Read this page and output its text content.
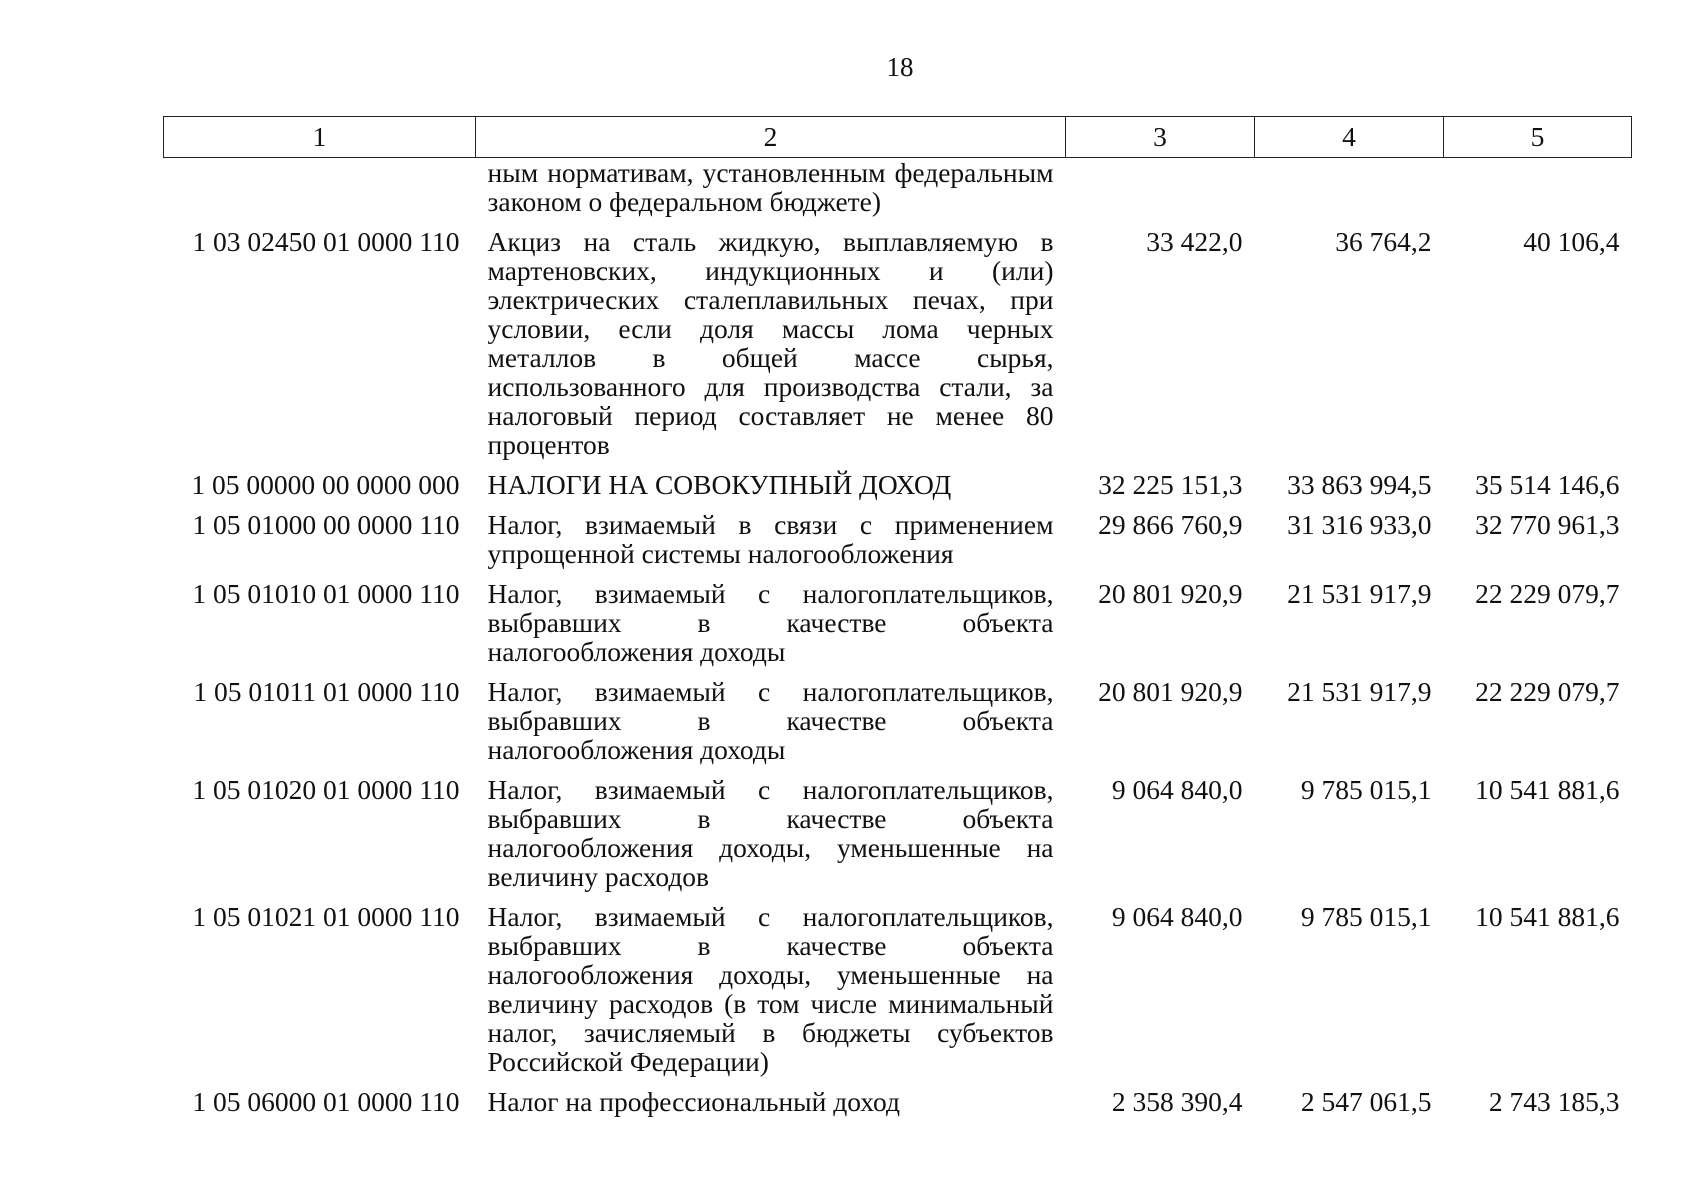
18
1	2	3	4	5
	ным нормативам, установленным федеральным законом о федеральном бюджете)			
1 03 02450 01 0000 110	Акциз на сталь жидкую, выплавляемую в мартеновских, индукционных и (или) электрических сталеплавильных печах, при условии, если доля массы лома черных металлов в общей массе сырья, использованного для производства стали, за налоговый период составляет не менее 80 процентов	33 422,0	36 764,2	40 106,4
1 05 00000 00 0000 000	НАЛОГИ НА СОВОКУПНЫЙ ДОХОД	32 225 151,3	33 863 994,5	35 514 146,6
1 05 01000 00 0000 110	Налог, взимаемый в связи с применением упрощенной системы налогообложения	29 866 760,9	31 316 933,0	32 770 961,3
1 05 01010 01 0000 110	Налог, взимаемый с налогоплательщиков, выбравших в качестве объекта налогообложения доходы	20 801 920,9	21 531 917,9	22 229 079,7
1 05 01011 01 0000 110	Налог, взимаемый с налогоплательщиков, выбравших в качестве объекта налогообложения доходы	20 801 920,9	21 531 917,9	22 229 079,7
1 05 01020 01 0000 110	Налог, взимаемый с налогоплательщиков, выбравших в качестве объекта налогообложения доходы, уменьшенные на величину расходов	9 064 840,0	9 785 015,1	10 541 881,6
1 05 01021 01 0000 110	Налог, взимаемый с налогоплательщиков, выбравших в качестве объекта налогообложения доходы, уменьшенные на величину расходов (в том числе минимальный налог, зачисляемый в бюджеты субъектов Российской Федерации)	9 064 840,0	9 785 015,1	10 541 881,6
1 05 06000 01 0000 110	Налог на профессиональный доход	2 358 390,4	2 547 061,5	2 743 185,3
